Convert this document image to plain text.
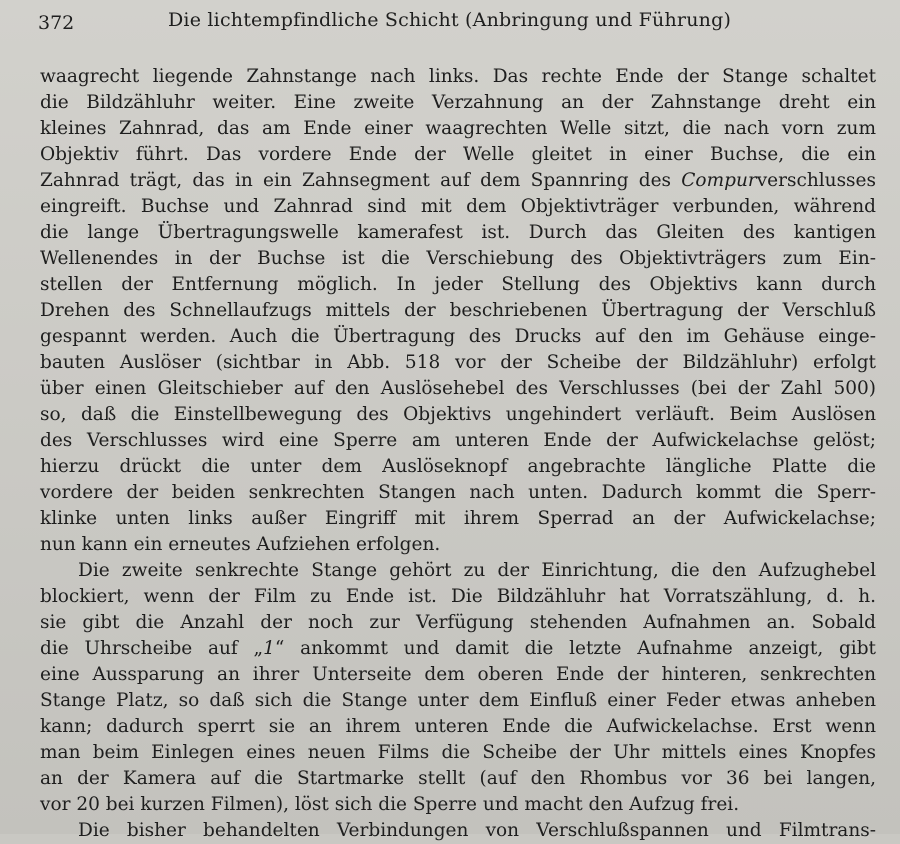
372	Die lichtempfindliche Schicht (Anbringung und Führung)
waagrecht liegende Zahnstange nach links. Das rechte Ende der Stange schaltet
die Bildzähluhr weiter. Eine zweite Verzahnung an der Zahnstange dreht ein
kleines Zahnrad, das am Ende einer waagrechten Welle sitzt, die nach vorn zum
Objektiv führt. Das vordere Ende der Welle gleitet in einer Buchse, die ein
Zahnrad trägt, das in ein Zahnsegment auf dem Spannring des Compurverschlusses
eingreift. Buchse und Zahnrad sind mit dem Objektivträger verbunden, während
die lange Übertragungswelle kamerafest ist. Durch das Gleiten des kantigen
Wellenendes in der Buchse ist die Verschiebung des Objektivträgers zum Ein-
stellen der Entfernung möglich. In jeder Stellung des Objektivs kann durch
Drehen des Schnellaufzugs mittels der beschriebenen Übertragung der Verschluß
gespannt werden. Auch die Übertragung des Drucks auf den im Gehäuse einge-
bauten Auslöser (sichtbar in Abb. 518 vor der Scheibe der Bildzähluhr) erfolgt
über einen Gleitschieber auf den Auslösehebel des Verschlusses (bei der Zahl 500)
so, daß die Einstellbewegung des Objektivs ungehindert verläuft. Beim Auslösen
des Verschlusses wird eine Sperre am unteren Ende der Aufwickelachse gelöst;
hierzu drückt die unter dem Auslöseknopf angebrachte längliche Platte die
vordere der beiden senkrechten Stangen nach unten. Dadurch kommt die Sperr-
klinke unten links außer Eingriff mit ihrem Sperrad an der Aufwickelachse;
nun kann ein erneutes Aufziehen erfolgen.
Die zweite senkrechte Stange gehört zu der Einrichtung, die den Aufzughebel
blockiert, wenn der Film zu Ende ist. Die Bildzähluhr hat Vorratszählung, d. h.
sie gibt die Anzahl der noch zur Verfügung stehenden Aufnahmen an. Sobald
die Uhrscheibe auf „1“ ankommt und damit die letzte Aufnahme anzeigt, gibt
eine Aussparung an ihrer Unterseite dem oberen Ende der hinteren, senkrechten
Stange Platz, so daß sich die Stange unter dem Einfluß einer Feder etwas anheben
kann; dadurch sperrt sie an ihrem unteren Ende die Aufwickelachse. Erst wenn
man beim Einlegen eines neuen Films die Scheibe der Uhr mittels eines Knopfes
an der Kamera auf die Startmarke stellt (auf den Rhombus vor 36 bei langen,
vor 20 bei kurzen Filmen), löst sich die Sperre und macht den Aufzug frei.
Die bisher behandelten Verbindungen von Verschlußspannen und Filmtrans-
